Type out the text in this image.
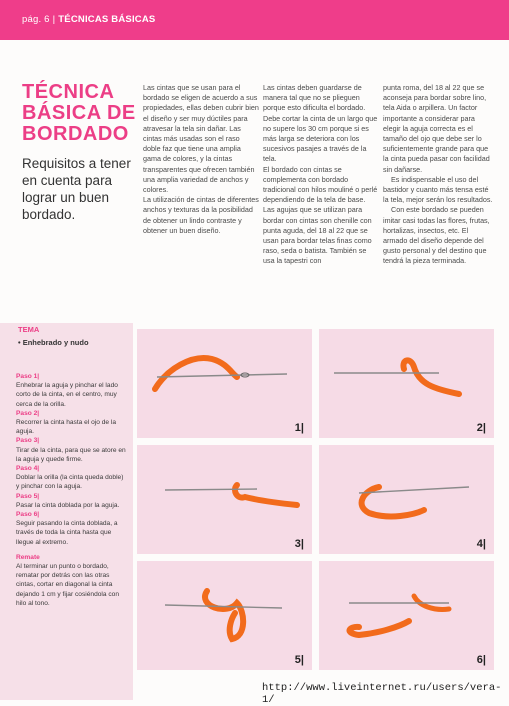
pág. 6 | TÉCNICAS BÁSICAS
TÉCNICA
BÁSICA DE
BORDADO
Requisitos a tener en cuenta para lograr un buen bordado.

Las cintas que se usan para el bordado se eligen de acuerdo a sus propiedades, ellas deben cubrir bien el diseño y ser muy dúctiles para atravesar la tela sin dañar. Las cintas más usadas son el raso doble faz que tiene una amplia gama de colores, y la cintas transparentes que ofrecen también una amplia variedad de anchos y colores.

La utilización de cintas de diferentes anchos y texturas da la posibilidad de obtener un lindo contraste y obtener un buen diseño.

Las cintas deben guardarse de manera tal que no se plieguen porque esto dificulta el bordado. Debe cortar la cinta de un largo que no supere los 30 cm porque si es más larga se deteriora con los sucesivos pasajes a través de la tela.

El bordado con cintas se complementa con bordado tradicional con hilos mouliné o perlé dependiendo de la tela de base.

Las agujas que se utilizan para bordar con cintas son chenille con punta aguda, del 18 al 22 que se usan para bordar telas finas como raso, seda o batista. También se usa la tapestri con

punta roma, del 18 al 22 que se aconseja para bordar sobre lino, tela Aida o arpillera. Un factor importante a considerar para elegir la aguja correcta es el tamaño del ojo que debe ser lo suficientemente grande para que la cinta pueda pasar con facilidad sin dañarse.

Es indispensable el uso del bastidor y cuanto más tensa esté la tela, mejor serán los resultados.

Con este bordado se pueden imitar casi todas las flores, frutas, hortalizas, insectos, etc. El armado del diseño depende del gusto personal y del destino que tendrá la pieza terminada.

TEMA
• Enhebrado y nudo

Paso 1|

Enhebrar la aguja y pinchar el lado corto de la cinta, en el centro, muy cerca de la orilla.

Paso 2|

Recorrer la cinta hasta el ojo de la aguja.

Paso 3|

Tirar de la cinta, para que se atore en la aguja y quede firme.

Paso 4|

Doblar la orilla (la cinta queda doble) y pinchar con la aguja.

Paso 5|

Pasar la cinta doblada por la aguja.

Paso 6|

Seguir pasando la cinta doblada, a través de toda la cinta hasta que llegue al extremo.

Remate

Al terminar un punto o bordado, rematar por detrás con las otras cintas, cortar en diagonal la cinta dejando 1 cm y fijar cosiéndola con hilo al tono.

1|	2|
3|	4|
5|	6|
http://www.liveinternet.ru/users/vera-1/
